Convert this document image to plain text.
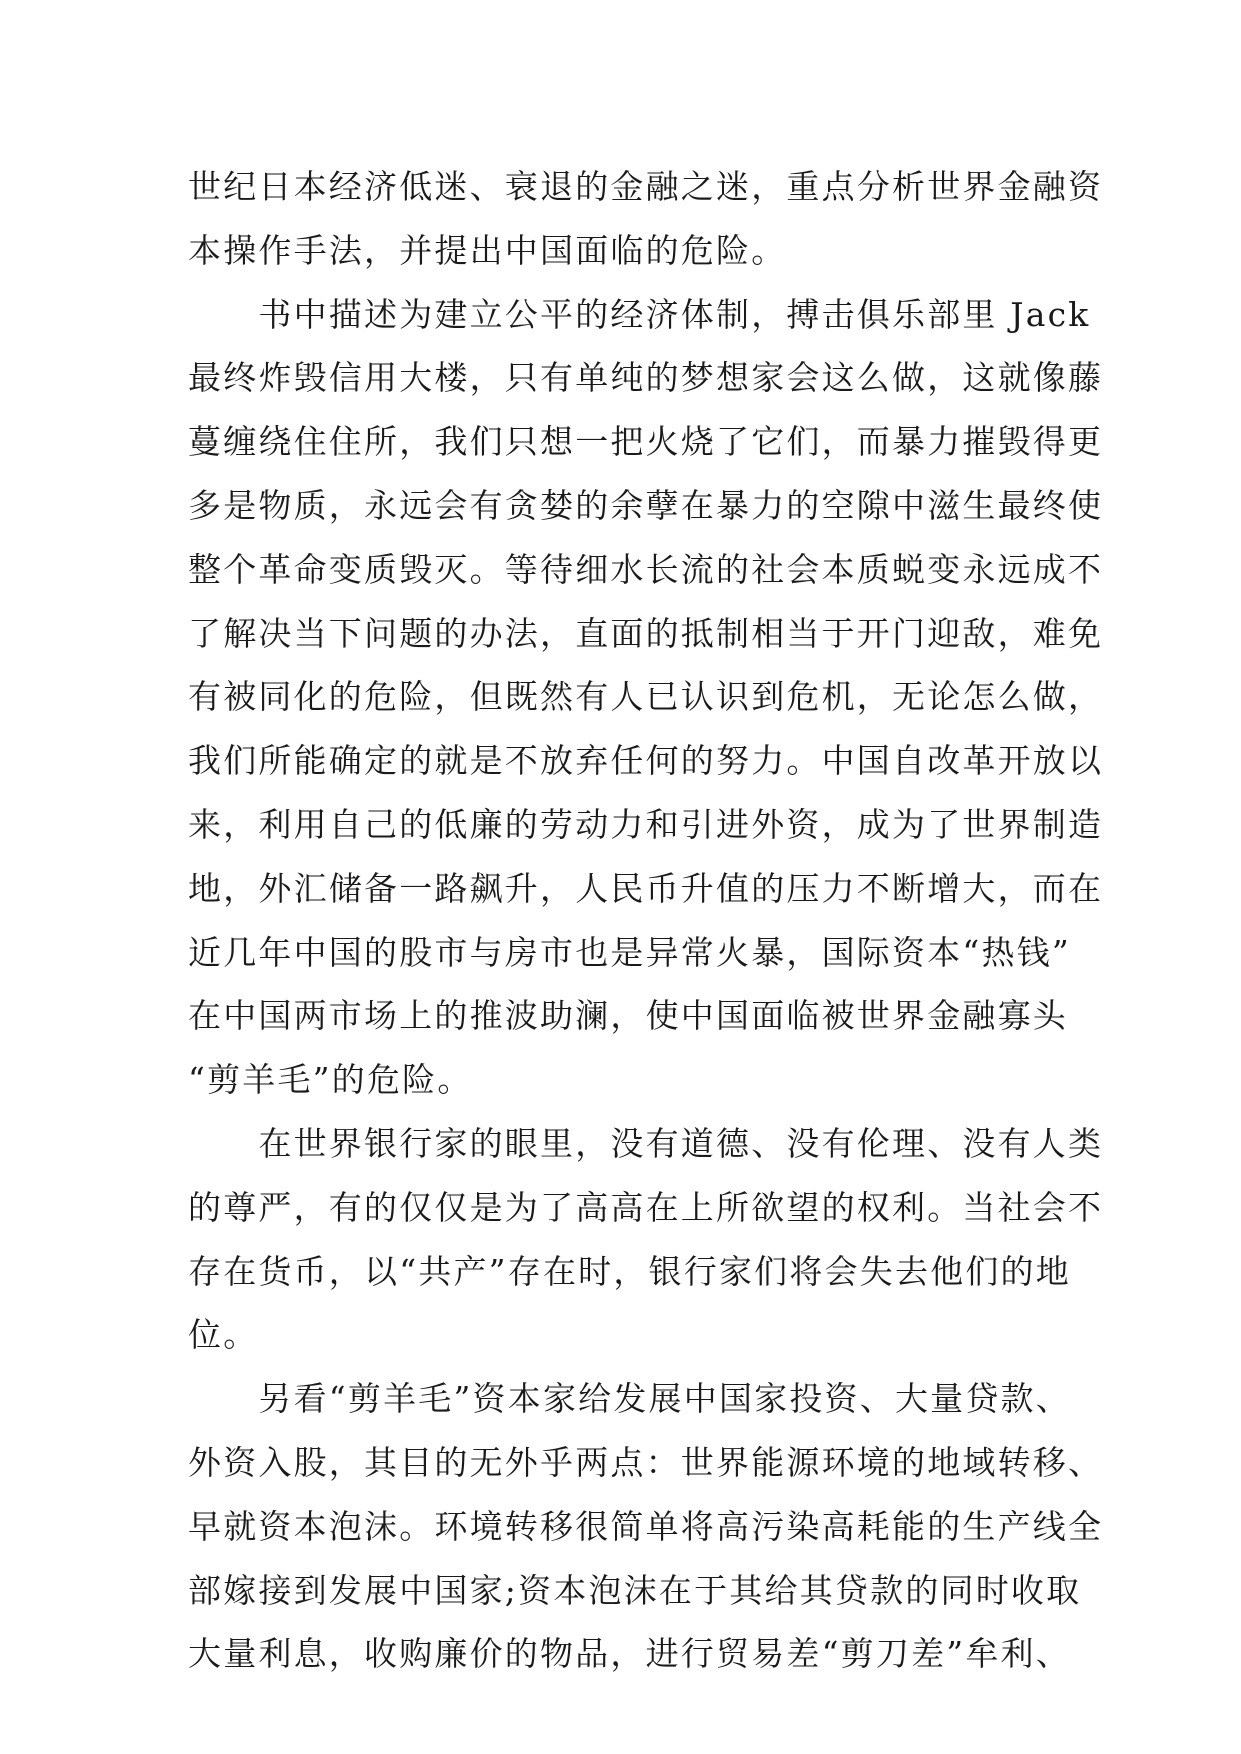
世纪日本经济低迷、衰退的金融之迷，重点分析世界金融资
本操作手法，并提出中国面临的危险。
　　书中描述为建立公平的经济体制，搏击俱乐部里 Jack
最终炸毁信用大楼，只有单纯的梦想家会这么做，这就像藤
蔓缠绕住住所，我们只想一把火烧了它们，而暴力摧毁得更
多是物质，永远会有贪婪的余孽在暴力的空隙中滋生最终使
整个革命变质毁灭。等待细水长流的社会本质蜕变永远成不
了解决当下问题的办法，直面的抵制相当于开门迎敌，难免
有被同化的危险，但既然有人已认识到危机，无论怎么做，
我们所能确定的就是不放弃任何的努力。中国自改革开放以
来，利用自己的低廉的劳动力和引进外资，成为了世界制造
地，外汇储备一路飙升，人民币升值的压力不断增大，而在
近几年中国的股市与房市也是异常火暴，国际资本“热钱”
在中国两市场上的推波助澜，使中国面临被世界金融寡头
“剪羊毛”的危险。
　　在世界银行家的眼里，没有道德、没有伦理、没有人类
的尊严，有的仅仅是为了高高在上所欲望的权利。当社会不
存在货币，以“共产”存在时，银行家们将会失去他们的地
位。
　　另看“剪羊毛”资本家给发展中国家投资、大量贷款、
外资入股，其目的无外乎两点：世界能源环境的地域转移、
早就资本泡沫。环境转移很简单将高污染高耗能的生产线全
部嫁接到发展中国家;资本泡沫在于其给其贷款的同时收取
大量利息，收购廉价的物品，进行贸易差“剪刀差”牟利、
